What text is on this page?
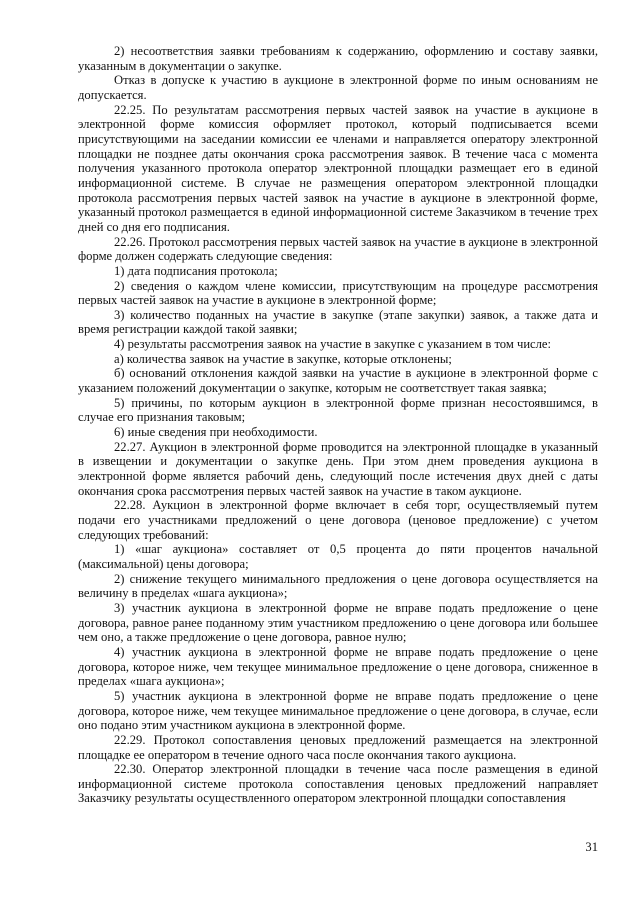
2) несоответствия заявки требованиям к содержанию, оформлению и составу заявки, указанным в документации о закупке.

Отказ в допуске к участию в аукционе в электронной форме по иным основаниям не допускается.

22.25. По результатам рассмотрения первых частей заявок на участие в аукционе в электронной форме комиссия оформляет протокол, который подписывается всеми присутствующими на заседании комиссии ее членами и направляется оператору электронной площадки не позднее даты окончания срока рассмотрения заявок. В течение часа с момента получения указанного протокола оператор электронной площадки размещает его в единой информационной системе. В случае не размещения оператором электронной площадки протокола рассмотрения первых частей заявок на участие в аукционе в электронной форме, указанный протокол размещается в единой информационной системе Заказчиком в течение трех дней со дня его подписания.

22.26. Протокол рассмотрения первых частей заявок на участие в аукционе в электронной форме должен содержать следующие сведения:

1) дата подписания протокола;

2) сведения о каждом члене комиссии, присутствующим на процедуре рассмотрения первых частей заявок на участие в аукционе в электронной форме;

3) количество поданных на участие в закупке (этапе закупки) заявок, а также дата и время регистрации каждой такой заявки;

4) результаты рассмотрения заявок на участие в закупке с указанием в том числе:

а) количества заявок на участие в закупке, которые отклонены;

б) оснований отклонения каждой заявки на участие в аукционе в электронной форме с указанием положений документации о закупке, которым не соответствует такая заявка;

5) причины, по которым аукцион в электронной форме признан несостоявшимся, в случае его признания таковым;

6) иные сведения при необходимости.

22.27. Аукцион в электронной форме проводится на электронной площадке в указанный в извещении и документации о закупке день. При этом днем проведения аукциона в электронной форме является рабочий день, следующий после истечения двух дней с даты окончания срока рассмотрения первых частей заявок на участие в таком аукционе.

22.28. Аукцион в электронной форме включает в себя торг, осуществляемый путем подачи его участниками предложений о цене договора (ценовое предложение) с учетом следующих требований:

1) «шаг аукциона» составляет от 0,5 процента до пяти процентов начальной (максимальной) цены договора;

2) снижение текущего минимального предложения о цене договора осуществляется на величину в пределах «шага аукциона»;

3) участник аукциона в электронной форме не вправе подать предложение о цене договора, равное ранее поданному этим участником предложению о цене договора или большее чем оно, а также предложение о цене договора, равное нулю;

4) участник аукциона в электронной форме не вправе подать предложение о цене договора, которое ниже, чем текущее минимальное предложение о цене договора, сниженное в пределах «шага аукциона»;

5) участник аукциона в электронной форме не вправе подать предложение о цене договора, которое ниже, чем текущее минимальное предложение о цене договора, в случае, если оно подано этим участником аукциона в электронной форме.

22.29. Протокол сопоставления ценовых предложений размещается на электронной площадке ее оператором в течение одного часа после окончания такого аукциона.

22.30. Оператор электронной площадки в течение часа после размещения в единой информационной системе протокола сопоставления ценовых предложений направляет Заказчику результаты осуществленного оператором электронной площадки сопоставления

31
